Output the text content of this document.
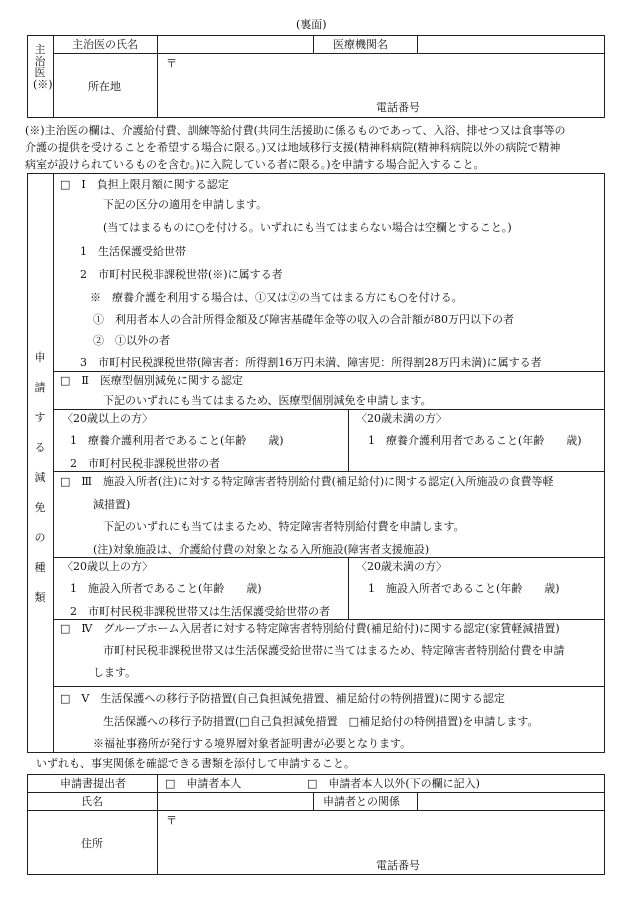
(裏面)
主治医(※)
主治医の氏名	医療機関名
所在地
〒
電話番号
(※)主治医の欄は、介護給付費、訓練等給付費(共同生活援助に係るものであって、入浴、排せつ又は食事等の
介護の提供を受けることを希望する場合に限る。)又は地域移行支援(精神科病院(精神科病院以外の病院で精神
病室が設けられているものを含む。)に入院している者に限る。)を申請する場合記入すること。
申請する減免の種類
□　Ⅰ　負担上限月額に関する認定
下記の区分の適用を申請します。
(当てはまるものに○を付ける。いずれにも当てはまらない場合は空欄とすること。)
1　生活保護受給世帯
2　市町村民税非課税世帯(※)に属する者
※　療養介護を利用する場合は、①又は②の当てはまる方にも○を付ける。
①　利用者本人の合計所得金額及び障害基礎年金等の収入の合計額が80万円以下の者
②　①以外の者
3　市町村民税課税世帯(障害者：所得割16万円未満、障害児：所得割28万円未満)に属する者
□　Ⅱ　医療型個別減免に関する認定
下記のいずれにも当てはまるため、医療型個別減免を申請します。
〈20歳以上の方〉	〈20歳未満の方〉
1　療養介護利用者であること(年齢　　歳)	1　療養介護利用者であること(年齢　　歳)
2　市町村民税非課税世帯の者
□　Ⅲ　施設入所者(注)に対する特定障害者特別給付費(補足給付)に関する認定(入所施設の食費等軽
減措置)
下記のいずれにも当てはまるため、特定障害者特別給付費を申請します。
(注)対象施設は、介護給付費の対象となる入所施設(障害者支援施設)
〈20歳以上の方〉	〈20歳未満の方〉
1　施設入所者であること(年齢　　歳)	1　施設入所者であること(年齢　　歳)
2　市町村民税非課税世帯又は生活保護受給世帯の者
□　Ⅳ　グループホーム入居者に対する特定障害者特別給付費(補足給付)に関する認定(家賃軽減措置)
市町村民税非課税世帯又は生活保護受給世帯に当てはまるため、特定障害者特別給付費を申請
します。
□　Ⅴ　生活保護への移行予防措置(自己負担減免措置、補足給付の特例措置)に関する認定
生活保護への移行予防措置(□自己負担減免措置　□補足給付の特例措置)を申請します。
※福祉事務所が発行する境界層対象者証明書が必要となります。
いずれも、事実関係を確認できる書類を添付して申請すること。
申請書提出者	□　申請者本人	□　申請者本人以外(下の欄に記入)
氏名	申請者との関係
住所
〒
電話番号
